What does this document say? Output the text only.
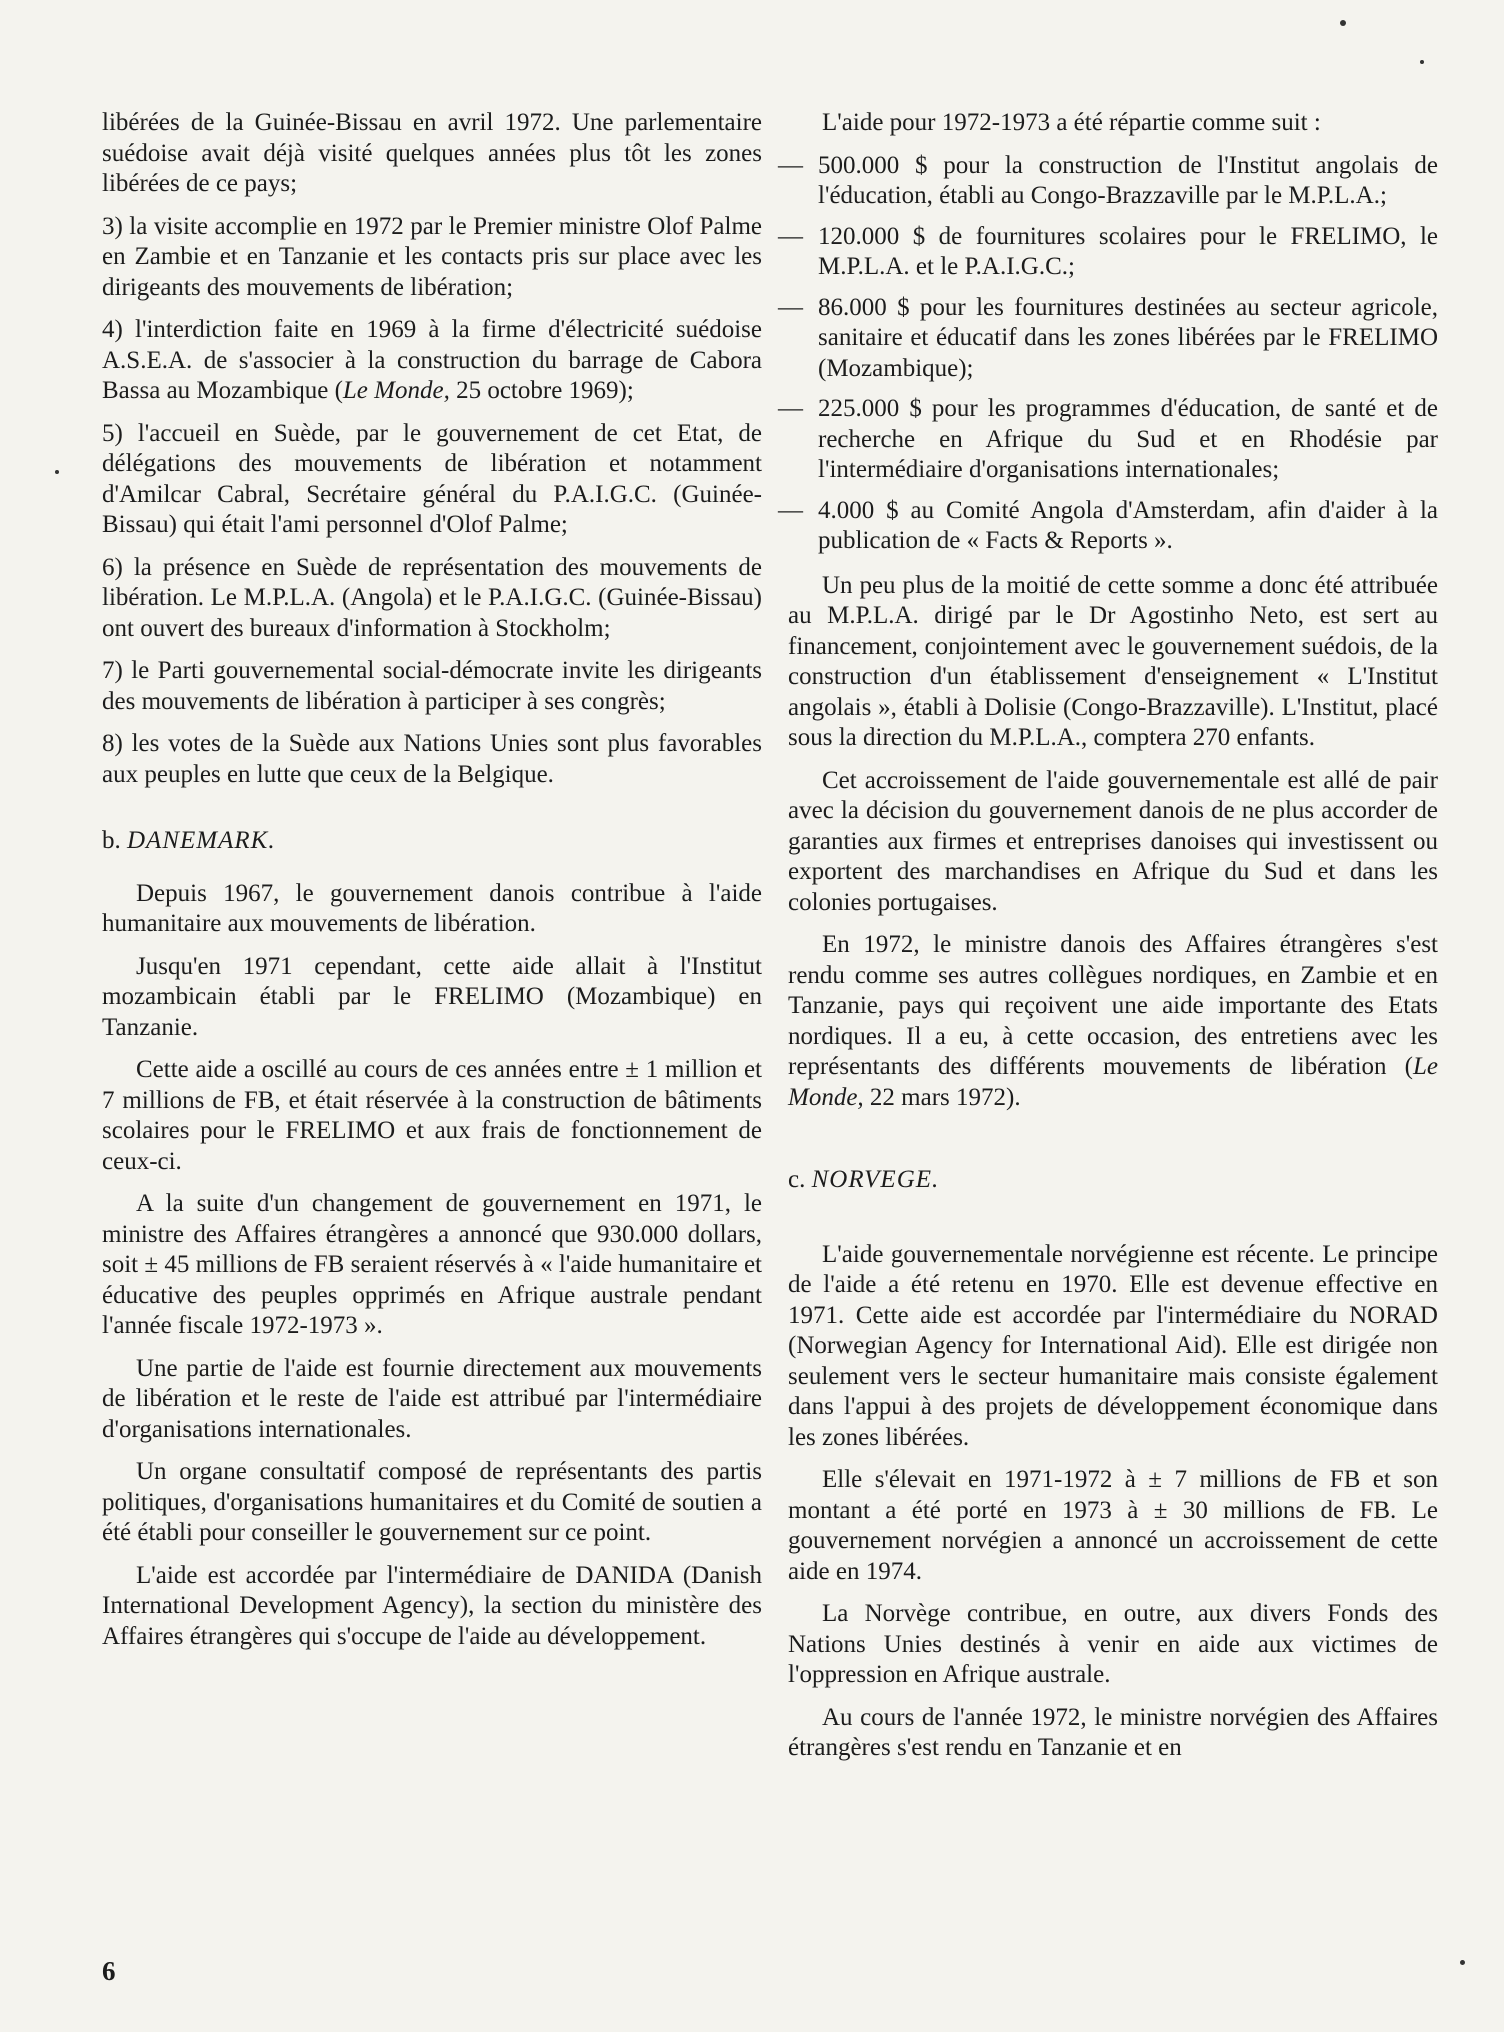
libérées de la Guinée-Bissau en avril 1972. Une parlementaire suédoise avait déjà visité quelques années plus tôt les zones libérées de ce pays;

3) la visite accomplie en 1972 par le Premier ministre Olof Palme en Zambie et en Tanzanie et les contacts pris sur place avec les dirigeants des mouvements de libération;

4) l'interdiction faite en 1969 à la firme d'électricité suédoise A.S.E.A. de s'associer à la construction du barrage de Cabora Bassa au Mozambique (Le Monde, 25 octobre 1969);

5) l'accueil en Suède, par le gouvernement de cet Etat, de délégations des mouvements de libération et notamment d'Amilcar Cabral, Secrétaire général du P.A.I.G.C. (Guinée-Bissau) qui était l'ami personnel d'Olof Palme;

6) la présence en Suède de représentation des mouvements de libération. Le M.P.L.A. (Angola) et le P.A.I.G.C. (Guinée-Bissau) ont ouvert des bureaux d'information à Stockholm;

7) le Parti gouvernemental social-démocrate invite les dirigeants des mouvements de libération à participer à ses congrès;

8) les votes de la Suède aux Nations Unies sont plus favorables aux peuples en lutte que ceux de la Belgique.

b. DANEMARK.

Depuis 1967, le gouvernement danois contribue à l'aide humanitaire aux mouvements de libération.

Jusqu'en 1971 cependant, cette aide allait à l'Institut mozambicain établi par le FRELIMO (Mozambique) en Tanzanie.

Cette aide a oscillé au cours de ces années entre ± 1 million et 7 millions de FB, et était réservée à la construction de bâtiments scolaires pour le FRELIMO et aux frais de fonctionnement de ceux-ci.

A la suite d'un changement de gouvernement en 1971, le ministre des Affaires étrangères a annoncé que 930.000 dollars, soit ± 45 millions de FB seraient réservés à « l'aide humanitaire et éducative des peuples opprimés en Afrique australe pendant l'année fiscale 1972-1973 ».

Une partie de l'aide est fournie directement aux mouvements de libération et le reste de l'aide est attribué par l'intermédiaire d'organisations internationales.

Un organe consultatif composé de représentants des partis politiques, d'organisations humanitaires et du Comité de soutien a été établi pour conseiller le gouvernement sur ce point.

L'aide est accordée par l'intermédiaire de DANIDA (Danish International Development Agency), la section du ministère des Affaires étrangères qui s'occupe de l'aide au développement.

L'aide pour 1972-1973 a été répartie comme suit :

— 500.000 $ pour la construction de l'Institut angolais de l'éducation, établi au Congo-Brazzaville par le M.P.L.A.;
— 120.000 $ de fournitures scolaires pour le FRELIMO, le M.P.L.A. et le P.A.I.G.C.;
— 86.000 $ pour les fournitures destinées au secteur agricole, sanitaire et éducatif dans les zones libérées par le FRELIMO (Mozambique);
— 225.000 $ pour les programmes d'éducation, de santé et de recherche en Afrique du Sud et en Rhodésie par l'intermédiaire d'organisations internationales;
— 4.000 $ au Comité Angola d'Amsterdam, afin d'aider à la publication de « Facts & Reports ».

Un peu plus de la moitié de cette somme a donc été attribuée au M.P.L.A. dirigé par le Dr Agostinho Neto, est sert au financement, conjointement avec le gouvernement suédois, de la construction d'un établissement d'enseignement « L'Institut angolais », établi à Dolisie (Congo-Brazzaville). L'Institut, placé sous la direction du M.P.L.A., comptera 270 enfants.

Cet accroissement de l'aide gouvernementale est allé de pair avec la décision du gouvernement danois de ne plus accorder de garanties aux firmes et entreprises danoises qui investissent ou exportent des marchandises en Afrique du Sud et dans les colonies portugaises.

En 1972, le ministre danois des Affaires étrangères s'est rendu comme ses autres collègues nordiques, en Zambie et en Tanzanie, pays qui reçoivent une aide importante des Etats nordiques. Il a eu, à cette occasion, des entretiens avec les représentants des différents mouvements de libération (Le Monde, 22 mars 1972).

c. NORVEGE.

L'aide gouvernementale norvégienne est récente. Le principe de l'aide a été retenu en 1970. Elle est devenue effective en 1971. Cette aide est accordée par l'intermédiaire du NORAD (Norwegian Agency for International Aid). Elle est dirigée non seulement vers le secteur humanitaire mais consiste également dans l'appui à des projets de développement économique dans les zones libérées.

Elle s'élevait en 1971-1972 à ± 7 millions de FB et son montant a été porté en 1973 à ± 30 millions de FB. Le gouvernement norvégien a annoncé un accroissement de cette aide en 1974.

La Norvège contribue, en outre, aux divers Fonds des Nations Unies destinés à venir en aide aux victimes de l'oppression en Afrique australe.

Au cours de l'année 1972, le ministre norvégien des Affaires étrangères s'est rendu en Tanzanie et en

6
